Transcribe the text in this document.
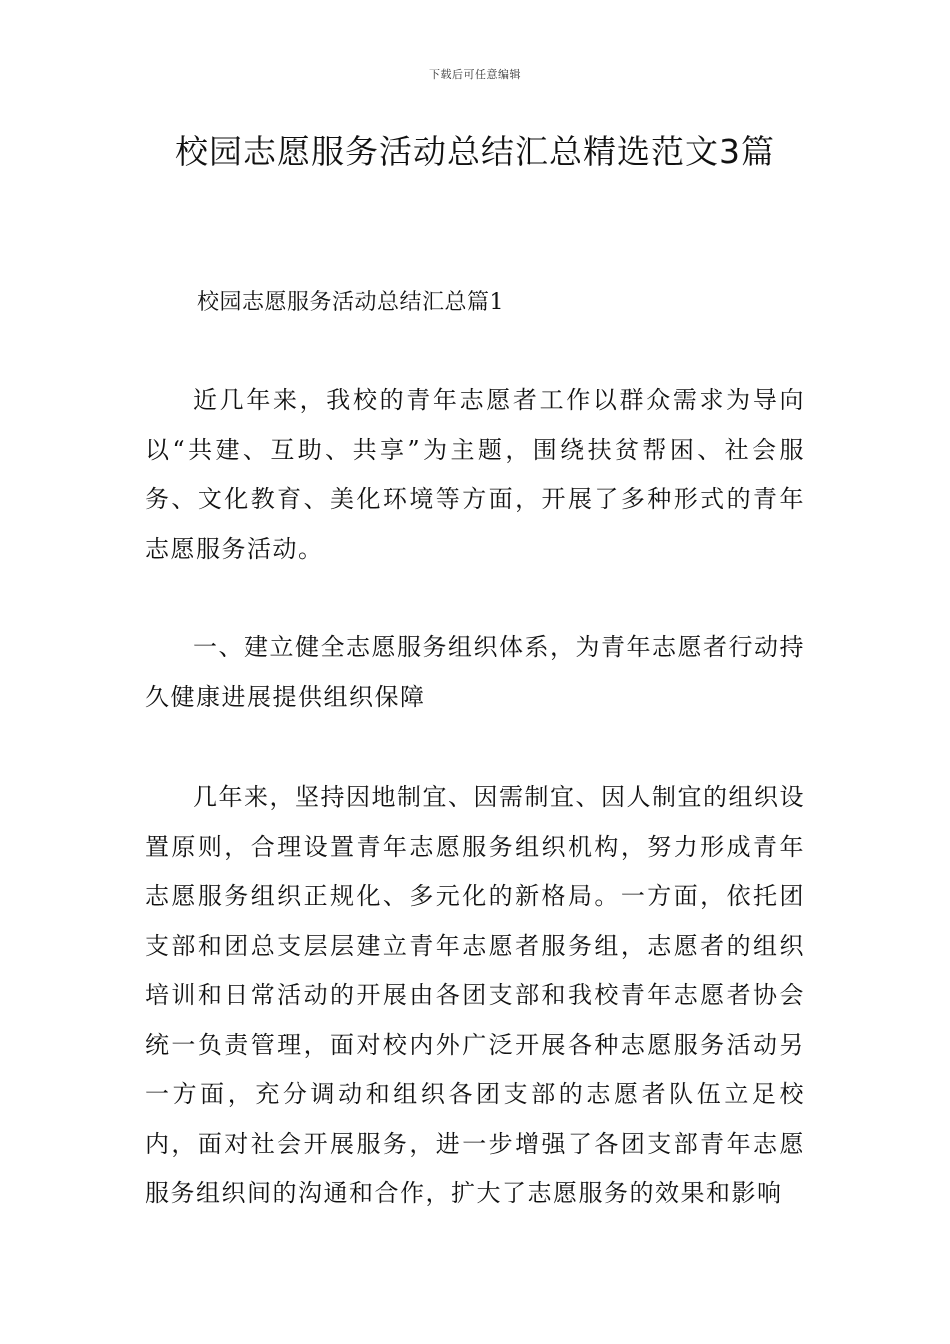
下载后可任意编辑
校园志愿服务活动总结汇总精选范文3篇
校园志愿服务活动总结汇总篇1

近几年来，我校的青年志愿者工作以群众需求为导向以“共建、互助、共享”为主题，围绕扶贫帮困、社会服务、文化教育、美化环境等方面，开展了多种形式的青年志愿服务活动。

一、建立健全志愿服务组织体系，为青年志愿者行动持久健康进展提供组织保障

几年来，坚持因地制宜、因需制宜、因人制宜的组织设置原则，合理设置青年志愿服务组织机构，努力形成青年志愿服务组织正规化、多元化的新格局。一方面，依托团支部和团总支层层建立青年志愿者服务组，志愿者的组织培训和日常活动的开展由各团支部和我校青年志愿者协会统一负责管理，面对校内外广泛开展各种志愿服务活动另一方面，充分调动和组织各团支部的志愿者队伍立足校内，面对社会开展服务，进一步增强了各团支部青年志愿服务组织间的沟通和合作，扩大了志愿服务的效果和影响
